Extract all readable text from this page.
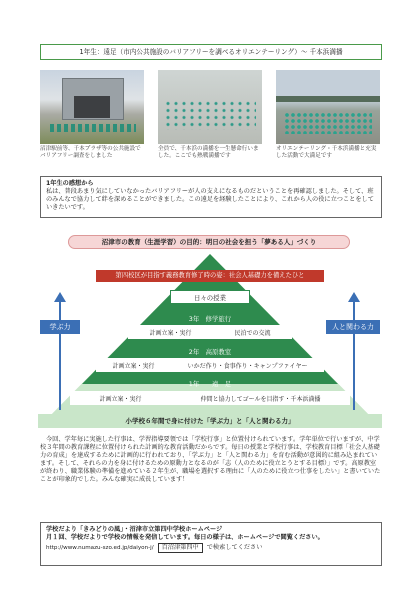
1年生：遠足（市内公共施設のバリアフリーを調べるオリエンテーリング）～ 千本浜満播
沼津駅前等、千本プラザ等の公共施設でバリアフリー調査をしました
全員で、千本浜の満播を一生懸命行いました。ここでも熱戦満播です
オリエンテーリング・千本浜満播と充実した活動で大満足です
1年生の感想から
私は、普段あまり気にしていなかったバリアフリーが人の支えになるものだということを再確認しました。そして、班のみんなで協力して絆を深めることができました。この遠足を経験したことにより、これから人の役に立つことをしていきたいです。
沼津市の教育（生涯学習）の目的：明日の社会を担う「夢ある人」づくり
第四校区が目指す義務教育修了時の姿：社会人基礎力を備えたひと
日々の授業
3年　修学旅行
計画立案・実行	民泊での交流
2年　高原教室
計画立案・実行	いかだ作り・食事作り・キャンプファイヤー
1年　　遠　足
計画立案・実行	仲間と協力してゴールを目指す・千本浜満播
小学校６年間で身に付けた「学ぶ力」と「人と関わる力」
学ぶ力	人と関わる力
今回、学年毎に実施した行事は、学習指導要領では「学校行事」と位置付けられています。学年単位で行いますが、中学校３年間の教育課程に位置付けられた計画的な教育活動だからです。毎日の授業と学校行事は、学校教育目標「社会人基礎力の育成」を達成するために計画的に行われており、「学ぶ力」と「人と関わる力」を育む活動が意図的に組み込まれています。そして、それらの力を身に付けるための原動力となるのが「志（人のために役立とうとする目標）」です。高原教室が終わり、職業体験の準備を進めている２年生が、職場を選択する理由に「人のために役立つ仕事をしたい」と書いていたことが印象的でした。みんな確実に成長しています！
学校だより「きみどりの風」・沼津市立第四中学校ホームページ
月１回、学校だよりで学校の情報を発信しています。毎日の様子は、ホームページで閲覧ください。
http://www.numazu-szo.ed.jp/daiyon-j/	百沼津第四中	で検索してください
